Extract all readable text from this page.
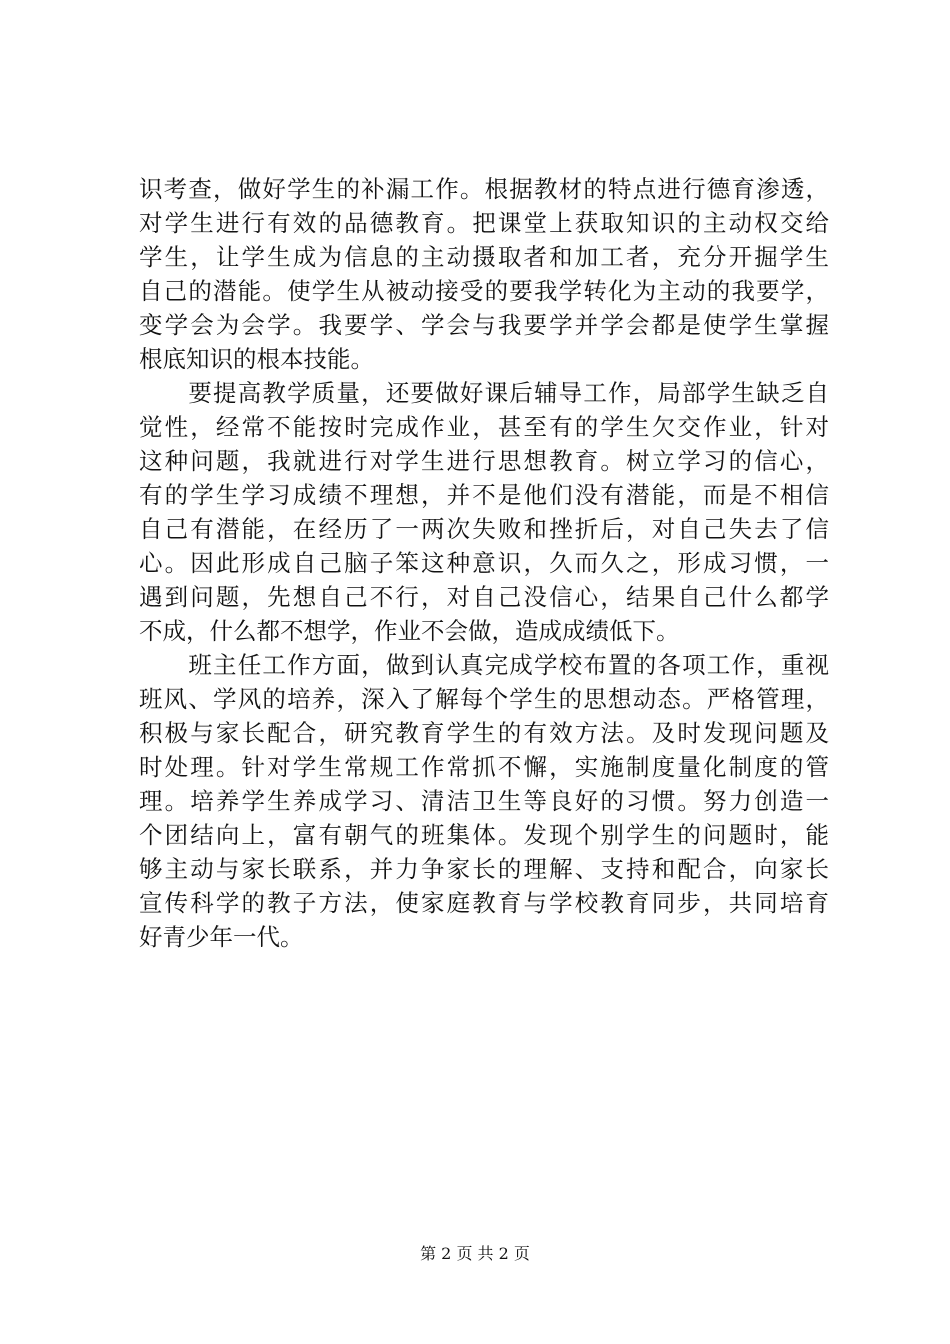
识考查，做好学生的补漏工作。根据教材的特点进行德育渗透，
对学生进行有效的品德教育。把课堂上获取知识的主动权交给
学生，让学生成为信息的主动摄取者和加工者，充分开掘学生
自己的潜能。使学生从被动接受的要我学转化为主动的我要学，
变学会为会学。我要学、学会与我要学并学会都是使学生掌握
根底知识的根本技能。
　　要提高教学质量，还要做好课后辅导工作，局部学生缺乏自
觉性，经常不能按时完成作业，甚至有的学生欠交作业，针对
这种问题，我就进行对学生进行思想教育。树立学习的信心，
有的学生学习成绩不理想，并不是他们没有潜能，而是不相信
自己有潜能，在经历了一两次失败和挫折后，对自己失去了信
心。因此形成自己脑子笨这种意识，久而久之，形成习惯，一
遇到问题，先想自己不行，对自己没信心，结果自己什么都学
不成，什么都不想学，作业不会做，造成成绩低下。
　　班主任工作方面，做到认真完成学校布置的各项工作，重视
班风、学风的培养，深入了解每个学生的思想动态。严格管理，
积极与家长配合，研究教育学生的有效方法。及时发现问题及
时处理。针对学生常规工作常抓不懈，实施制度量化制度的管
理。培养学生养成学习、清洁卫生等良好的习惯。努力创造一
个团结向上，富有朝气的班集体。发现个别学生的问题时，能
够主动与家长联系，并力争家长的理解、支持和配合，向家长
宣传科学的教子方法，使家庭教育与学校教育同步，共同培育
好青少年一代。
第 2 页 共 2 页
